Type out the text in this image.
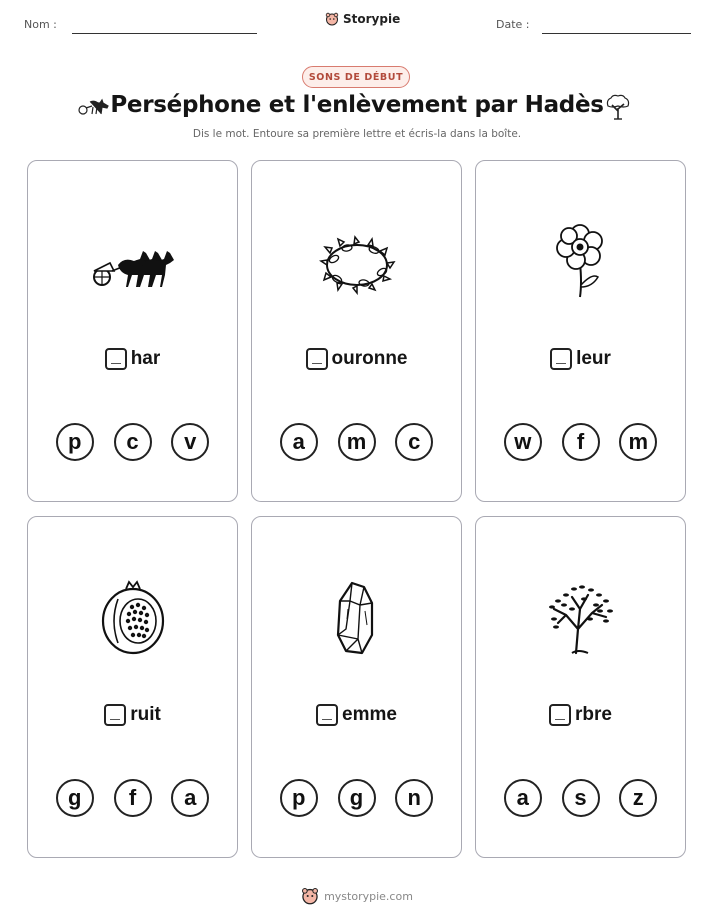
Nom :	Storypie	Date :
SONS DE DÉBUT
Perséphone et l'enlèvement par Hadès
Dis le mot. Entoure sa première lettre et écris-la dans la boîte.
har
p	c	v
ouronne
a	m	c
leur
w	f	m
ruit
g	f	a
emme
p	g	n
rbre
a	s	z
mystorypie.com
